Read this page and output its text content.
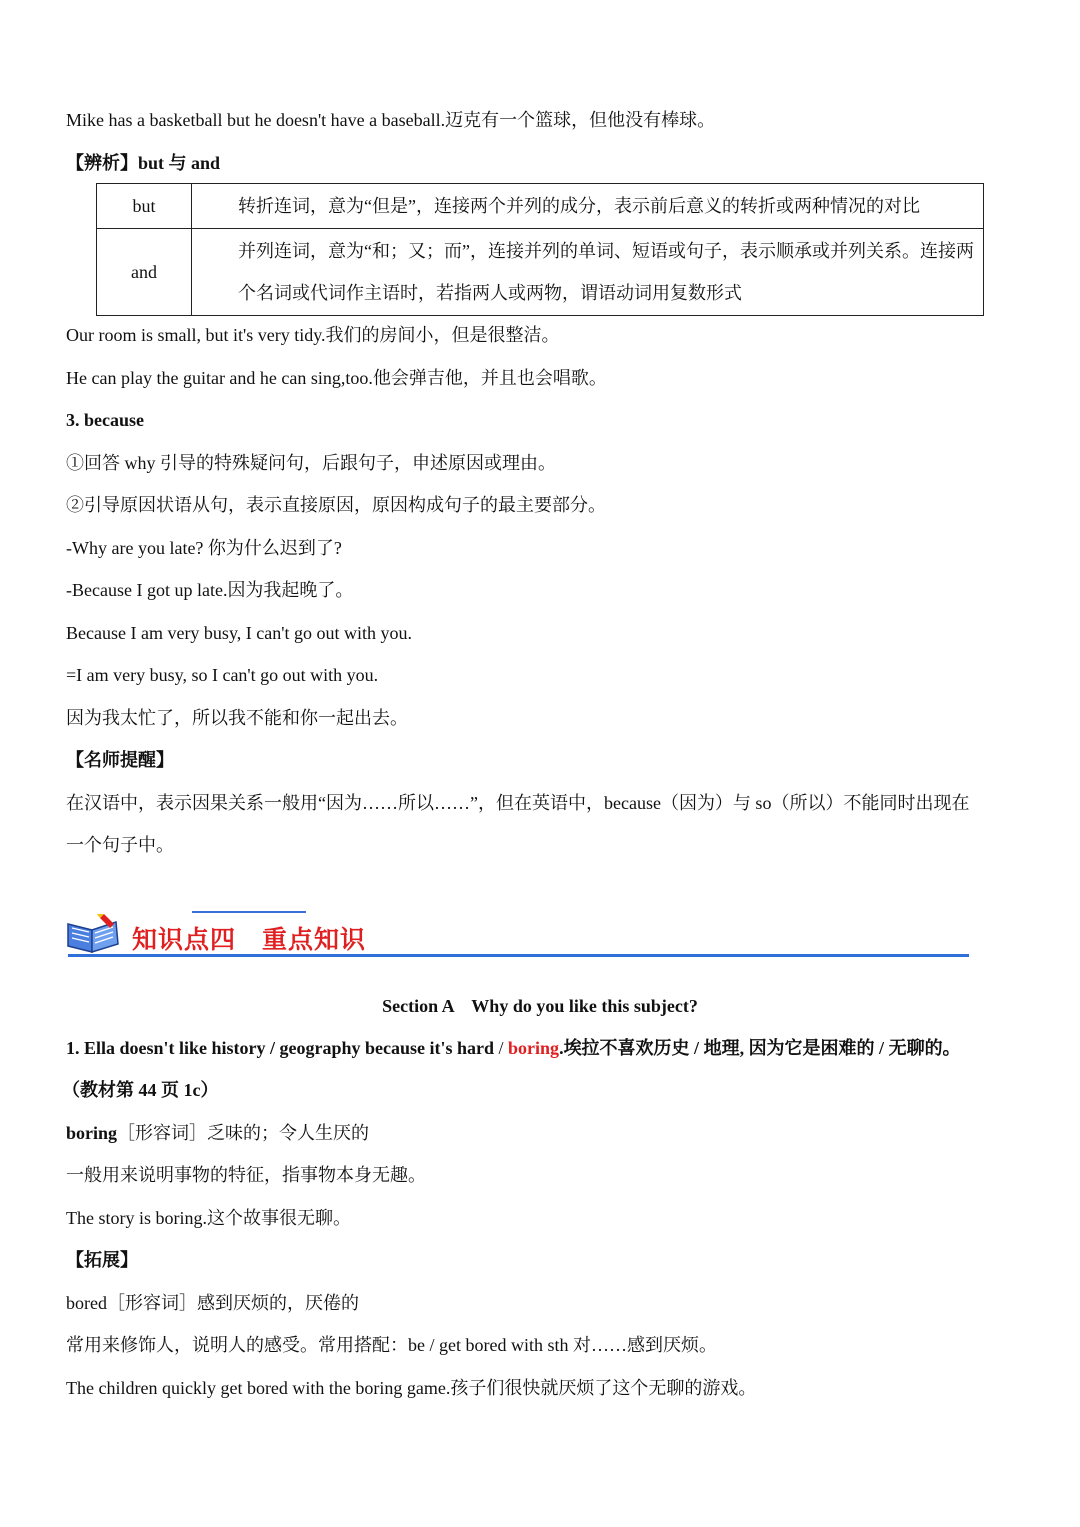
Mike has a basketball but he doesn't have a baseball.迈克有一个篮球，但他没有棒球。
【辨析】but 与 and
but	转折连词，意为“但是”，连接两个并列的成分，表示前后意义的转折或两种情况的对比
and	并列连词，意为“和；又；而”，连接并列的单词、短语或句子，表示顺承或并列关系。连接两个名词或代词作主语时，若指两人或两物，谓语动词用复数形式
Our room is small, but it's very tidy.我们的房间小，但是很整洁。
He can play the guitar and he can sing,too.他会弹吉他，并且也会唱歌。
3. because
①回答 why 引导的特殊疑问句，后跟句子，申述原因或理由。
②引导原因状语从句，表示直接原因，原因构成句子的最主要部分。
-Why are you late? 你为什么迟到了?
-Because I got up late.因为我起晚了。
Because I am very busy, I can't go out with you.
=I am very busy, so I can't go out with you.
因为我太忙了，所以我不能和你一起出去。
【名师提醒】
在汉语中，表示因果关系一般用“因为……所以……”，但在英语中，because（因为）与 so（所以）不能同时出现在
一个句子中。
知识点四 重点知识
Section A    Why do you like this subject?
1. Ella doesn't like history / geography because it's hard / boring.埃拉不喜欢历史 / 地理, 因为它是困难的 / 无聊的。
（教材第 44 页 1c）
boring［形容词］乏味的；令人生厌的
一般用来说明事物的特征，指事物本身无趣。
The story is boring.这个故事很无聊。
【拓展】
bored［形容词］感到厌烦的，厌倦的
常用来修饰人，说明人的感受。常用搭配：be / get bored with sth 对……感到厌烦。
The children quickly get bored with the boring game.孩子们很快就厌烦了这个无聊的游戏。
